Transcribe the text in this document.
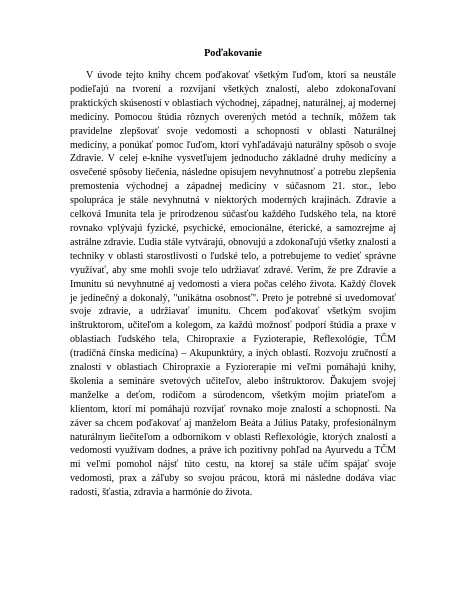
Poďakovanie

V úvode tejto knihy chcem poďakovať všetkým ľuďom, ktorí sa neustále podieľajú na tvorení a rozvíjaní všetkých znalostí, alebo zdokonaľovaní praktických skúseností v oblastiach východnej, západnej, naturálnej, aj modernej medicíny. Pomocou štúdia rôznych overených metód a techník, môžem tak pravidelne zlepšovať svoje vedomosti a schopnosti v oblasti Naturálnej medicíny, a ponúkať pomoc ľuďom, ktorí vyhľadávajú naturálny spôsob o svoje Zdravie. V celej e-knihe vysvetľujem jednoducho základné druhy medicíny a osvečené spôsoby liečenia, následne opisujem nevyhnutnosť a potrebu zlepšenia premostenia východnej a západnej medicíny v súčasnom 21. stor., lebo spolupráca je stále nevyhnutná v niektorých moderných krajinách. Zdravie a celková Imunita tela je prirodzenou súčasťou každého ľudského tela, na ktoré rovnako vplývajú fyzické, psychické, emocionálne, éterické, a samozrejme aj astrálne zdravie. Ľudia stále vytvárajú, obnovujú a zdokonaľujú všetky znalosti a techniky v oblasti starostlivosti o ľudské telo, a potrebujeme to vedieť správne využívať, aby sme mohli svoje telo udržiavať zdravé. Verím, že pre Zdravie a Imunitu sú nevyhnutné aj vedomosti a viera počas celého života. Každý človek je jedinečný a dokonalý, "unikátna osobnosť". Preto je potrebné si uvedomovať svoje zdravie, a udržiavať imunitu. Chcem poďakovať všetkým svojim inštruktorom, učiteľom a kolegom, za každú možnosť podporí štúdia a praxe v oblastiach ľudského tela, Chiropraxie a Fyzioterapie, Reflexológie, TČM (tradičná čínska medicína) – Akupunktúry, a iných oblastí. Rozvoju zručností a znalosti v oblastiach Chiropraxie a Fyziorerapie mi veľmi pomáhajú knihy, školenia a semináre svetových učiteľov, alebo inštruktorov. Ďakujem svojej manželke a deťom, rodičom a súrodencom, všetkým mojim priateľom a klientom, ktorí mi pomáhajú rozvíjať rovnako moje znalosti a schopnosti. Na záver sa chcem poďakovať aj manželom Beáta a Július Pataky, profesionálnym naturálnym liečiteľom a odborníkom v oblasti Reflexológie, ktorých znalosti a vedomosti využívam dodnes, a práve ich pozitívny pohľad na Ayurvedu a TČM mi veľmi pomohol nájsť túto cestu, na ktorej sa stále učím spájať svoje vedomosti, prax a záľuby so svojou prácou, ktorá mi následne dodáva viac radosti, šťastia, zdravia a harmónie do života.
